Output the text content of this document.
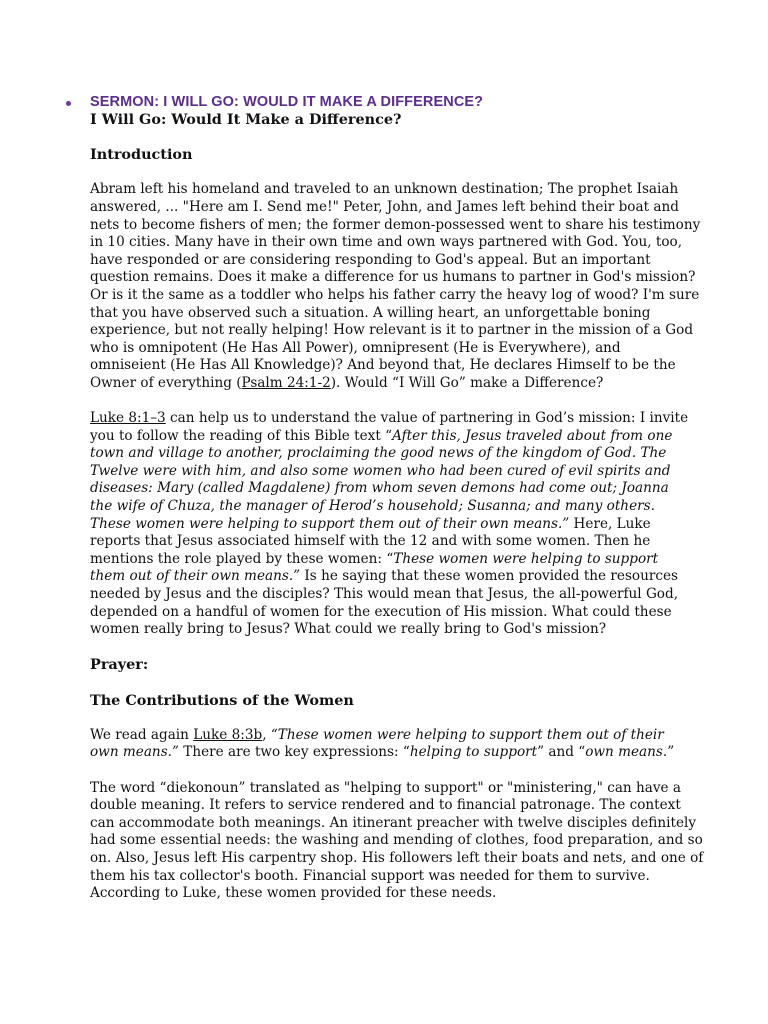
SERMON: I WILL GO: WOULD IT MAKE A DIFFERENCE?

I Will Go: Would It Make a Difference?

Introduction

Abram left his homeland and traveled to an unknown destination; The prophet Isaiah

answered, ... "Here am I. Send me!" Peter, John, and James left behind their boat and

nets to become fishers of men; the former demon-possessed went to share his testimony

in 10 cities. Many have in their own time and own ways partnered with God. You, too,

have responded or are considering responding to God's appeal. But an important

question remains. Does it make a difference for us humans to partner in God's mission?

Or is it the same as a toddler who helps his father carry the heavy log of wood? I'm sure

that you have observed such a situation. A willing heart, an unforgettable boning

experience, but not really helping! How relevant is it to partner in the mission of a God

who is omnipotent (He Has All Power), omnipresent (He is Everywhere), and

omniseient (He Has All Knowledge)? And beyond that, He declares Himself to be the

Owner of everything (Psalm 24:1-2). Would “I Will Go” make a Difference?

Luke 8:1–3 can help us to understand the value of partnering in God’s mission: I invite

you to follow the reading of this Bible text “After this, Jesus traveled about from one

town and village to another, proclaiming the good news of the kingdom of God. The

Twelve were with him, and also some women who had been cured of evil spirits and

diseases: Mary (called Magdalene) from whom seven demons had come out; Joanna

the wife of Chuza, the manager of Herod’s household; Susanna; and many others.

These women were helping to support them out of their own means.” Here, Luke

reports that Jesus associated himself with the 12 and with some women. Then he

mentions the role played by these women: “These women were helping to support

them out of their own means.” Is he saying that these women provided the resources

needed by Jesus and the disciples? This would mean that Jesus, the all-powerful God,

depended on a handful of women for the execution of His mission. What could these

women really bring to Jesus? What could we really bring to God's mission?

Prayer:

The Contributions of the Women

We read again Luke 8:3b, “These women were helping to support them out of their

own means.” There are two key expressions: “helping to support” and “own means.”

The word “diekonoun” translated as "helping to support" or "ministering," can have a

double meaning. It refers to service rendered and to financial patronage. The context

can accommodate both meanings. An itinerant preacher with twelve disciples definitely

had some essential needs: the washing and mending of clothes, food preparation, and so

on. Also, Jesus left His carpentry shop. His followers left their boats and nets, and one of

them his tax collector's booth. Financial support was needed for them to survive.

According to Luke, these women provided for these needs.
